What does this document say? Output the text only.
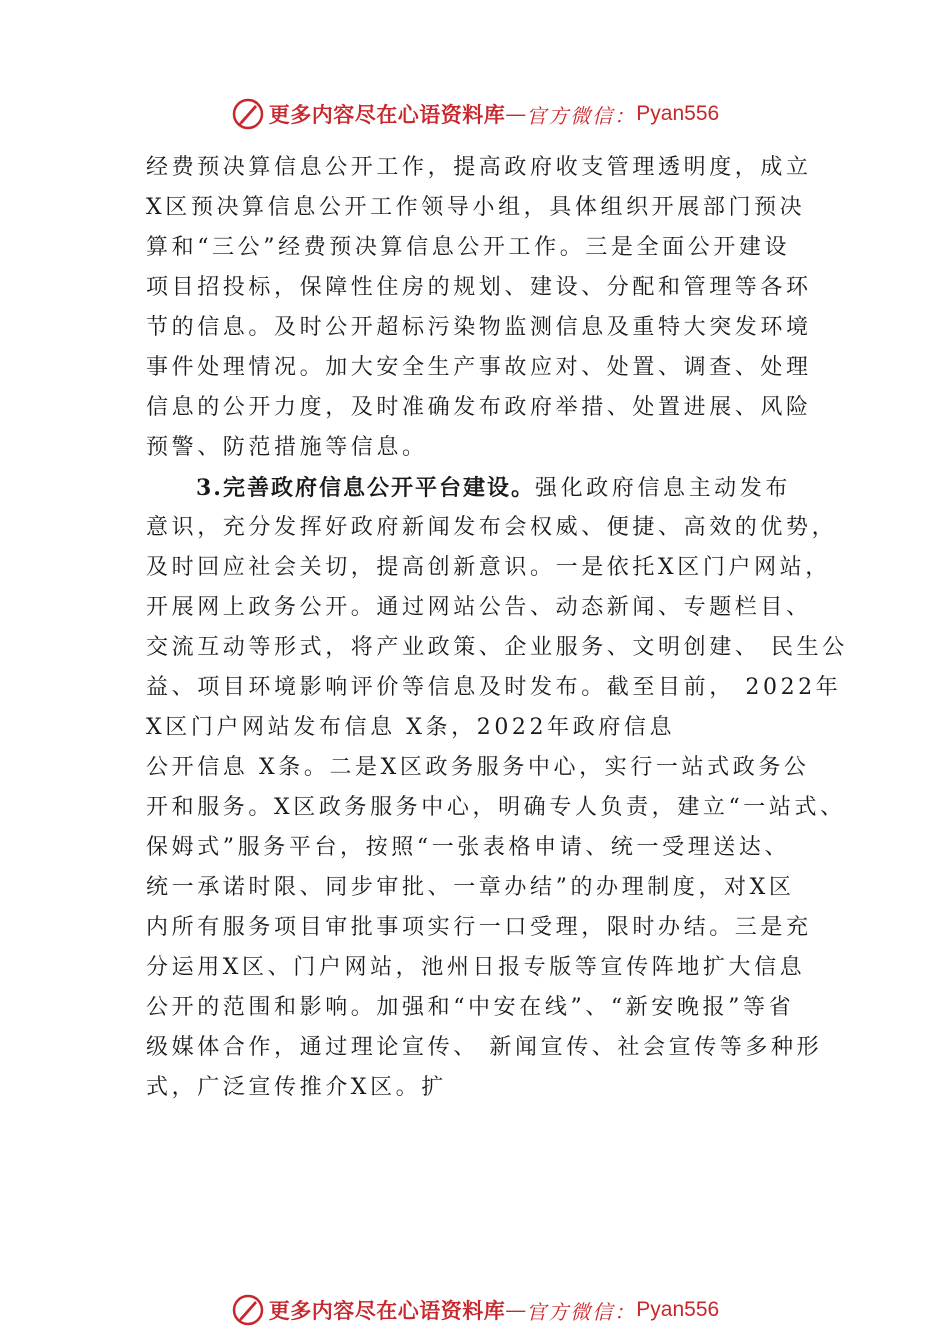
更多内容尽在心语资料库 — 官方微信： Pyan556
经费预决算信息公开工作，提高政府收支管理透明度，成立
X区预决算信息公开工作领导小组，具体组织开展部门预决
算和“三公”经费预决算信息公开工作。三是全面公开建设
项目招投标，保障性住房的规划、建设、分配和管理等各环
节的信息。及时公开超标污染物监测信息及重特大突发环境
事件处理情况。加大安全生产事故应对、处置、调查、处理
信息的公开力度，及时准确发布政府举措、处置进展、风险
预警、防范措施等信息。
3.完善政府信息公开平台建设。强化政府信息主动发布
意识，充分发挥好政府新闻发布会权威、便捷、高效的优势，
及时回应社会关切，提高创新意识。一是依托X区门户网站，
开展网上政务公开。通过网站公告、动态新闻、专题栏目、
交流互动等形式，将产业政策、企业服务、文明创建、 民生公
益、项目环境影响评价等信息及时发布。截至目前， 2022年
X区门户网站发布信息 X条，2022年政府信息
公开信息 X条。二是X区政务服务中心，实行一站式政务公
开和服务。X区政务服务中心，明确专人负责，建立“一站式、
保姆式”服务平台，按照“一张表格申请、统一受理送达、
统一承诺时限、同步审批、一章办结”的办理制度，对X区
内所有服务项目审批事项实行一口受理，限时办结。三是充
分运用X区、门户网站，池州日报专版等宣传阵地扩大信息
公开的范围和影响。加强和“中安在线”、“新安晚报”等省
级媒体合作，通过理论宣传、 新闻宣传、社会宣传等多种形
式，广泛宣传推介X区。扩
更多内容尽在心语资料库 — 官方微信： Pyan556
